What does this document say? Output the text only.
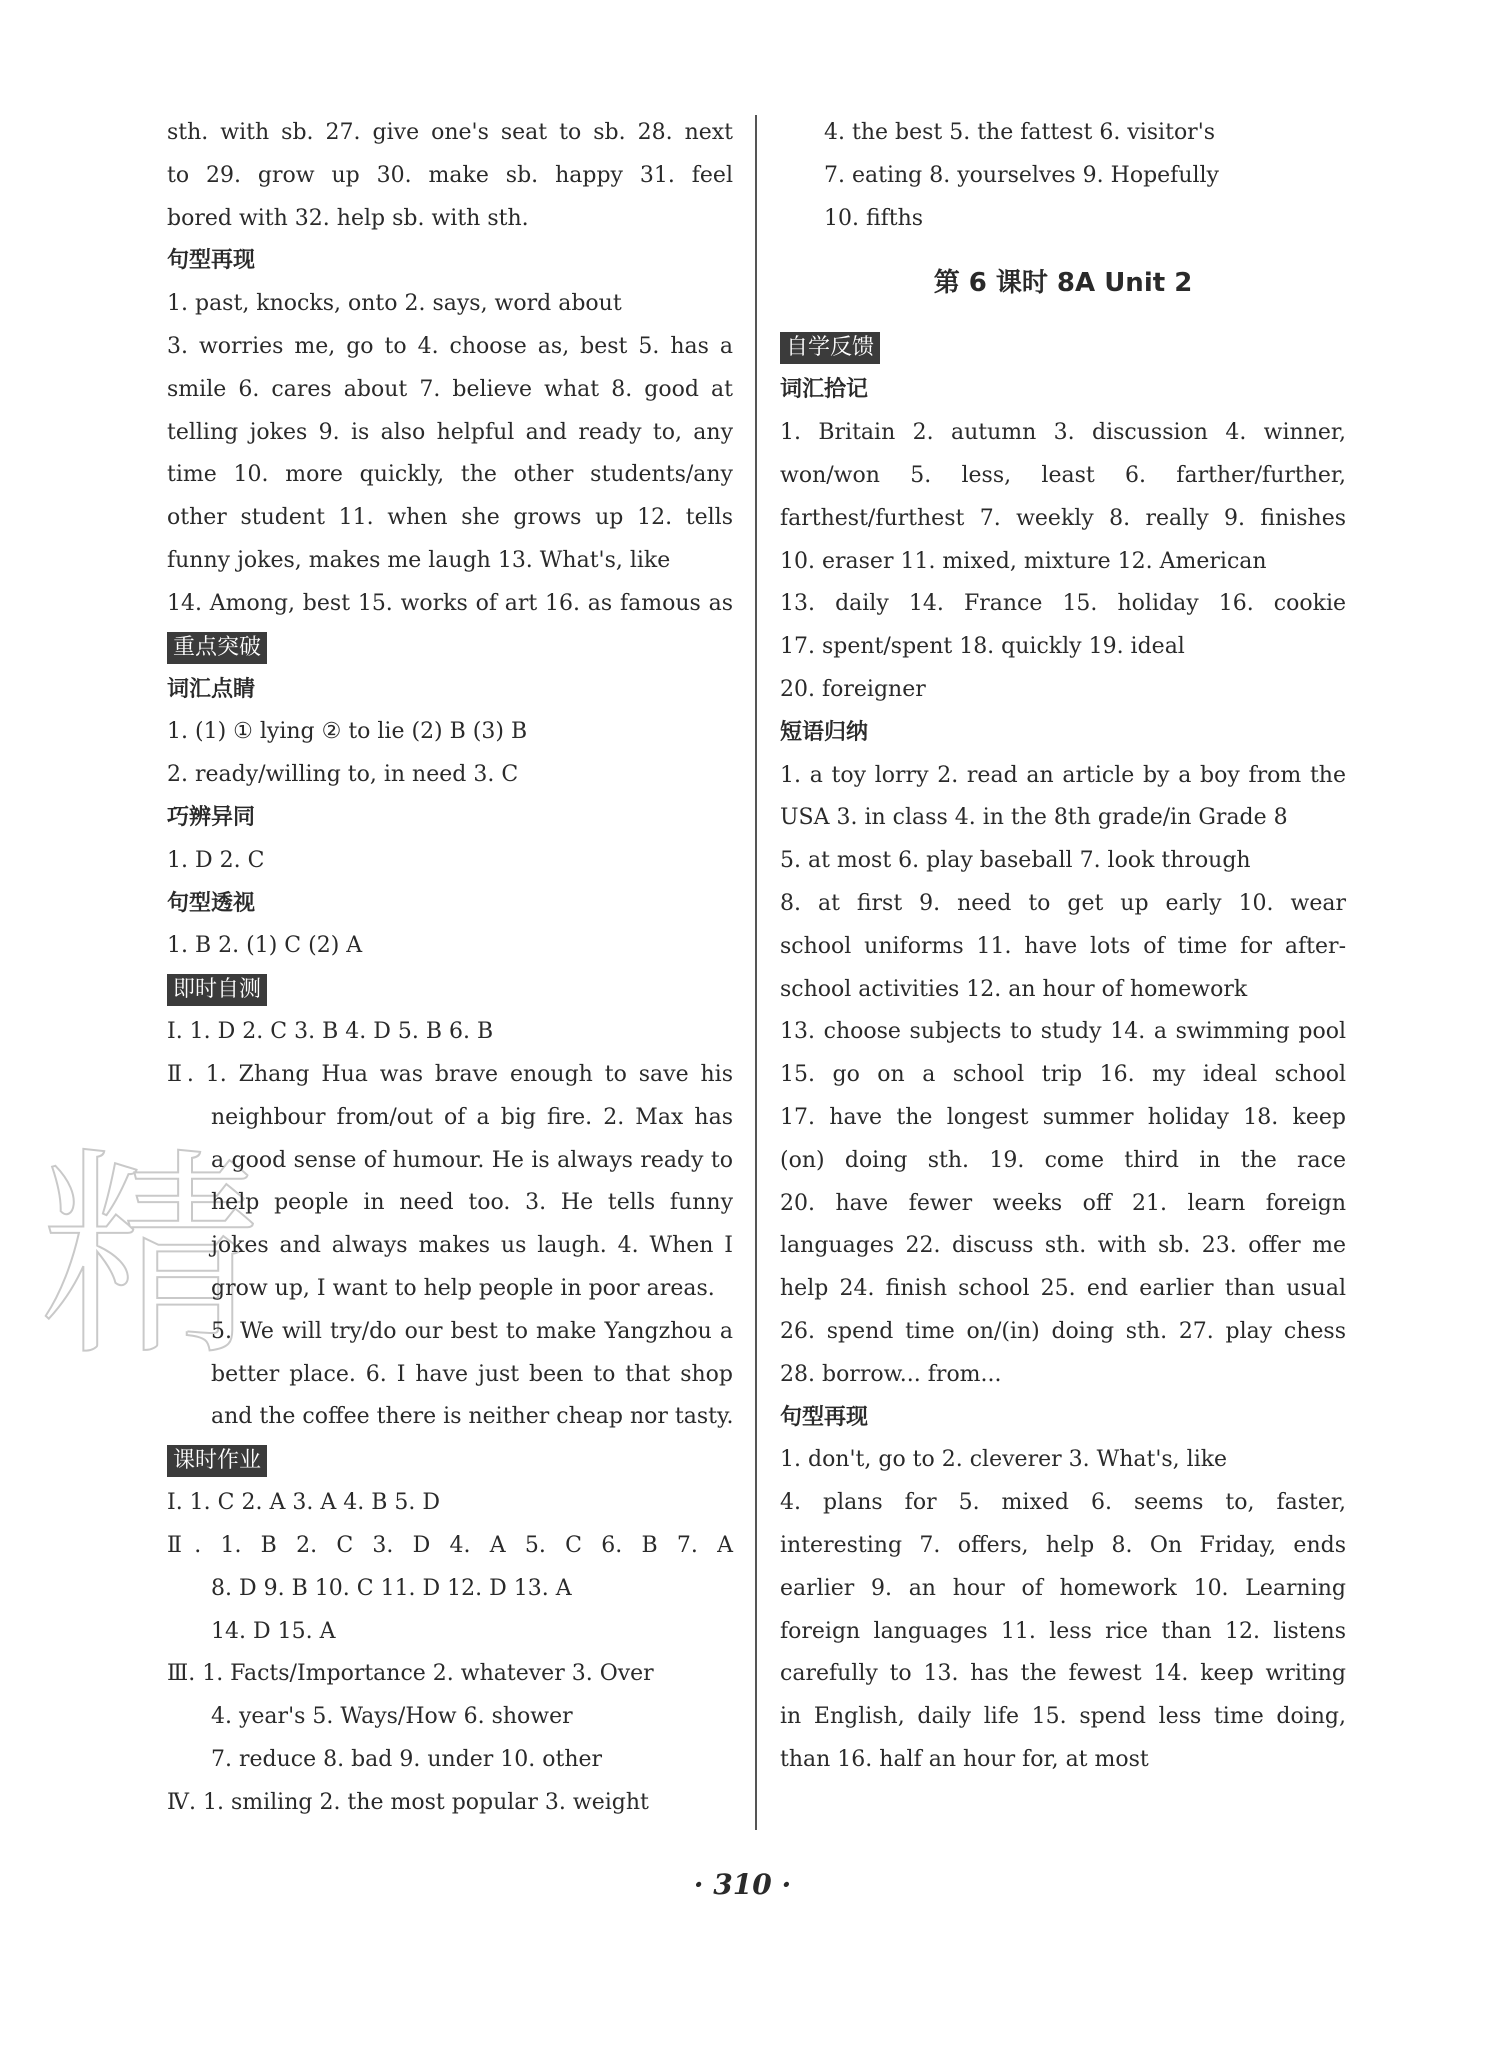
精
sth. with sb. 27. give one's seat to sb. 28. next
to 29. grow up 30. make sb. happy 31. feel
bored with 32. help sb. with sth.
句型再现
1. past, knocks, onto 2. says, word about
3. worries me, go to 4. choose as, best 5. has a
smile 6. cares about 7. believe what 8. good at
telling jokes 9. is also helpful and ready to, any
time 10. more quickly, the other students/any
other student 11. when she grows up 12. tells
funny jokes, makes me laugh 13. What's, like
14. Among, best 15. works of art 16. as famous as
重点突破
词汇点睛
1. (1) ① lying ② to lie (2) B (3) B
2. ready/willing to, in need 3. C
巧辨异同
1. D 2. C
句型透视
1. B 2. (1) C (2) A
即时自测
Ⅰ. 1. D 2. C 3. B 4. D 5. B 6. B
Ⅱ. 1. Zhang Hua was brave enough to save his
neighbour from/out of a big fire. 2. Max has
a good sense of humour. He is always ready to
help people in need too. 3. He tells funny
jokes and always makes us laugh. 4. When I
grow up, I want to help people in poor areas.
5. We will try/do our best to make Yangzhou a
better place. 6. I have just been to that shop
and the coffee there is neither cheap nor tasty.
课时作业
Ⅰ. 1. C 2. A 3. A 4. B 5. D
Ⅱ. 1. B 2. C 3. D 4. A 5. C 6. B 7. A
8. D 9. B 10. C 11. D 12. D 13. A
14. D 15. A
Ⅲ. 1. Facts/Importance 2. whatever 3. Over
4. year's 5. Ways/How 6. shower
7. reduce 8. bad 9. under 10. other
Ⅳ. 1. smiling 2. the most popular 3. weight
4. the best 5. the fattest 6. visitor's
7. eating 8. yourselves 9. Hopefully
10. fifths
第 6 课时 8A Unit 2
自学反馈
词汇拾记
1. Britain 2. autumn 3. discussion 4. winner,
won/won 5. less, least 6. farther/further,
farthest/furthest 7. weekly 8. really 9. finishes
10. eraser 11. mixed, mixture 12. American
13. daily 14. France 15. holiday 16. cookie
17. spent/spent 18. quickly 19. ideal
20. foreigner
短语归纳
1. a toy lorry 2. read an article by a boy from the
USA 3. in class 4. in the 8th grade/in Grade 8
5. at most 6. play baseball 7. look through
8. at first 9. need to get up early 10. wear
school uniforms 11. have lots of time for after-
school activities 12. an hour of homework
13. choose subjects to study 14. a swimming pool
15. go on a school trip 16. my ideal school
17. have the longest summer holiday 18. keep
(on) doing sth. 19. come third in the race
20. have fewer weeks off 21. learn foreign
languages 22. discuss sth. with sb. 23. offer me
help 24. finish school 25. end earlier than usual
26. spend time on/(in) doing sth. 27. play chess
28. borrow... from...
句型再现
1. don't, go to 2. cleverer 3. What's, like
4. plans for 5. mixed 6. seems to, faster,
interesting 7. offers, help 8. On Friday, ends
earlier 9. an hour of homework 10. Learning
foreign languages 11. less rice than 12. listens
carefully to 13. has the fewest 14. keep writing
in English, daily life 15. spend less time doing,
than 16. half an hour for, at most
· 310 ·
